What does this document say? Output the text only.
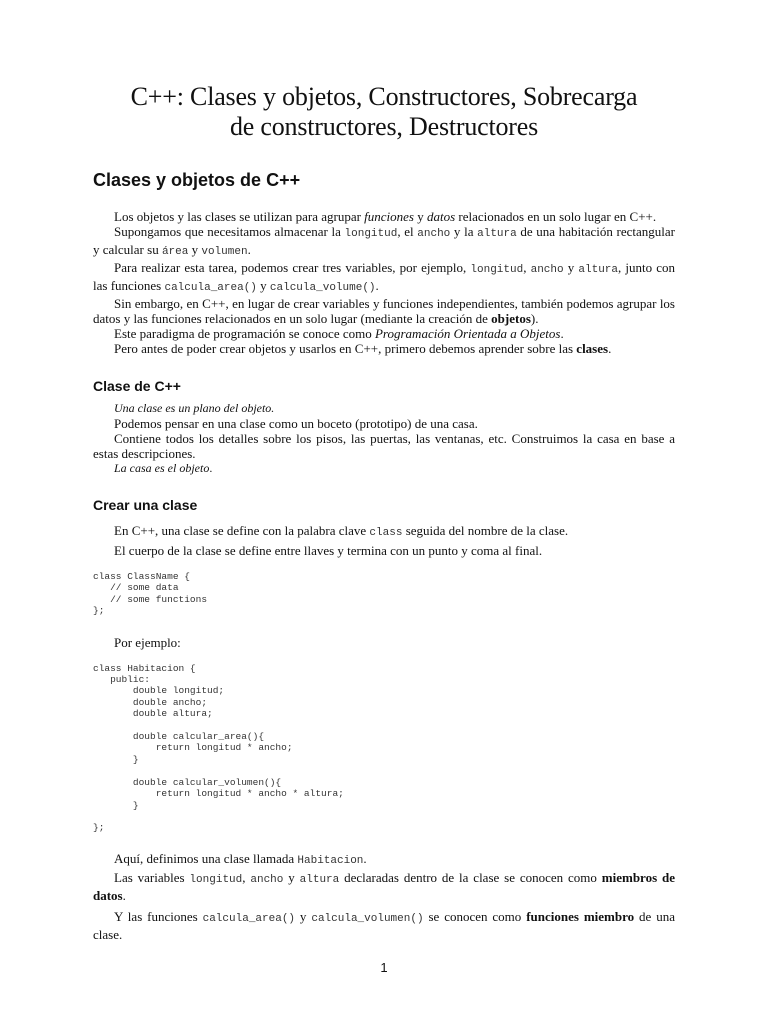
C++: Clases y objetos, Constructores, Sobrecarga
de constructores, Destructores
Clases y objetos de C++

Los objetos y las clases se utilizan para agrupar funciones y datos relacionados en un solo lugar en C++.

Supongamos que necesitamos almacenar la longitud, el ancho y la altura de una habitación rectangular y calcular su área y volumen.

Para realizar esta tarea, podemos crear tres variables, por ejemplo, longitud, ancho y altura, junto con las funciones calcula_area() y calcula_volume().

Sin embargo, en C++, en lugar de crear variables y funciones independientes, también podemos agrupar los datos y las funciones relacionados en un solo lugar (mediante la creación de objetos).

Este paradigma de programación se conoce como Programación Orientada a Objetos.

Pero antes de poder crear objetos y usarlos en C++, primero debemos aprender sobre las clases.

Clase de C++

Una clase es un plano del objeto.

Podemos pensar en una clase como un boceto (prototipo) de una casa.

Contiene todos los detalles sobre los pisos, las puertas, las ventanas, etc. Construimos la casa en base a estas descripciones.

La casa es el objeto.

Crear una clase

En C++, una clase se define con la palabra clave class seguida del nombre de la clase.

El cuerpo de la clase se define entre llaves y termina con un punto y coma al final.

class ClassName {
// some data
// some functions
};

Por ejemplo:

class Habitacion {
public:
double longitud;
double ancho;
double altura;

double calcular_area(){
return longitud * ancho;
}

double calcular_volumen(){
return longitud * ancho * altura;
}

};

Aquí, definimos una clase llamada Habitacion.

Las variables longitud, ancho y altura declaradas dentro de la clase se conocen como miembros de datos.

Y las funciones calcula_area() y calcula_volumen() se conocen como funciones miembro de una clase.

1
